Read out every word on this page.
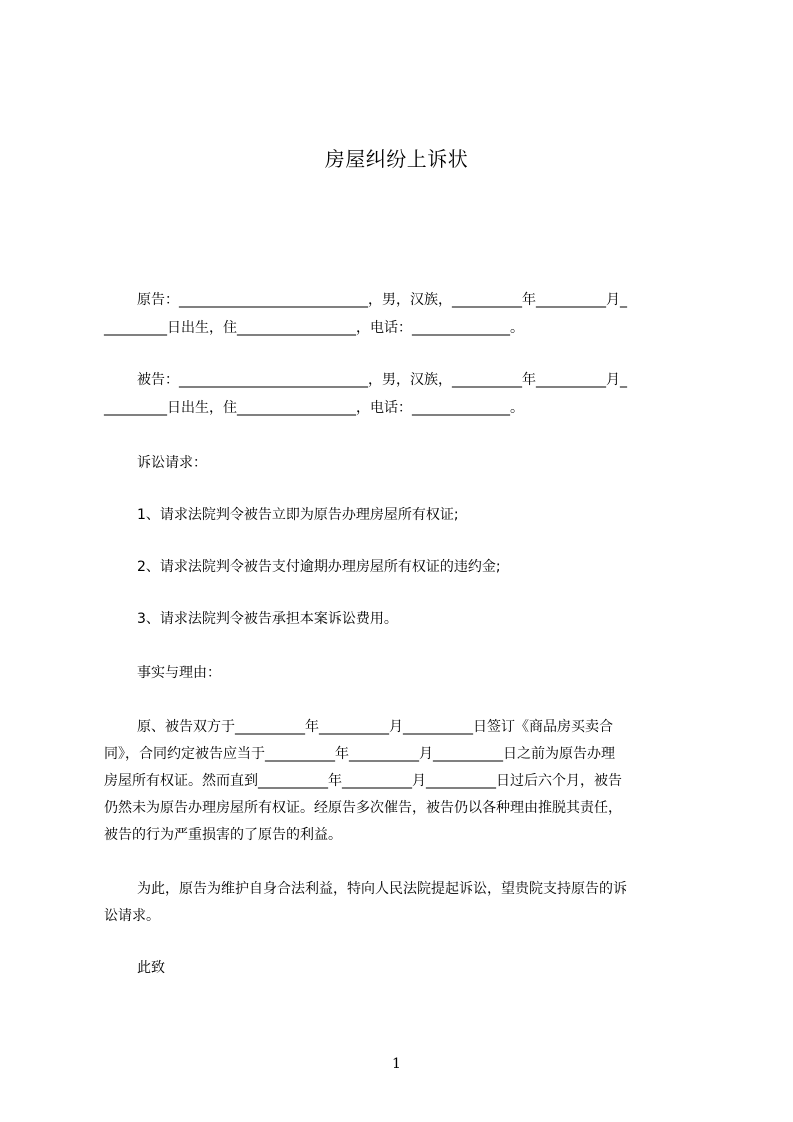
房屋纠纷上诉状
原告：___________________________，男，汉族，__________年__________月_
_________日出生，住_________________，电话：______________。
被告：___________________________，男，汉族，__________年__________月_
_________日出生，住_________________，电话：______________。
诉讼请求：
1、请求法院判令被告立即为原告办理房屋所有权证;
2、请求法院判令被告支付逾期办理房屋所有权证的违约金;
3、请求法院判令被告承担本案诉讼费用。
事实与理由：
原、被告双方于__________年__________月__________日签订《商品房买卖合
同》，合同约定被告应当于__________年__________月__________日之前为原告办理
房屋所有权证。然而直到__________年__________月__________日过后六个月，被告
仍然未为原告办理房屋所有权证。经原告多次催告，被告仍以各种理由推脱其责任，
被告的行为严重损害的了原告的利益。
为此，原告为维护自身合法利益，特向人民法院提起诉讼，望贵院支持原告的诉
讼请求。
此致
1
